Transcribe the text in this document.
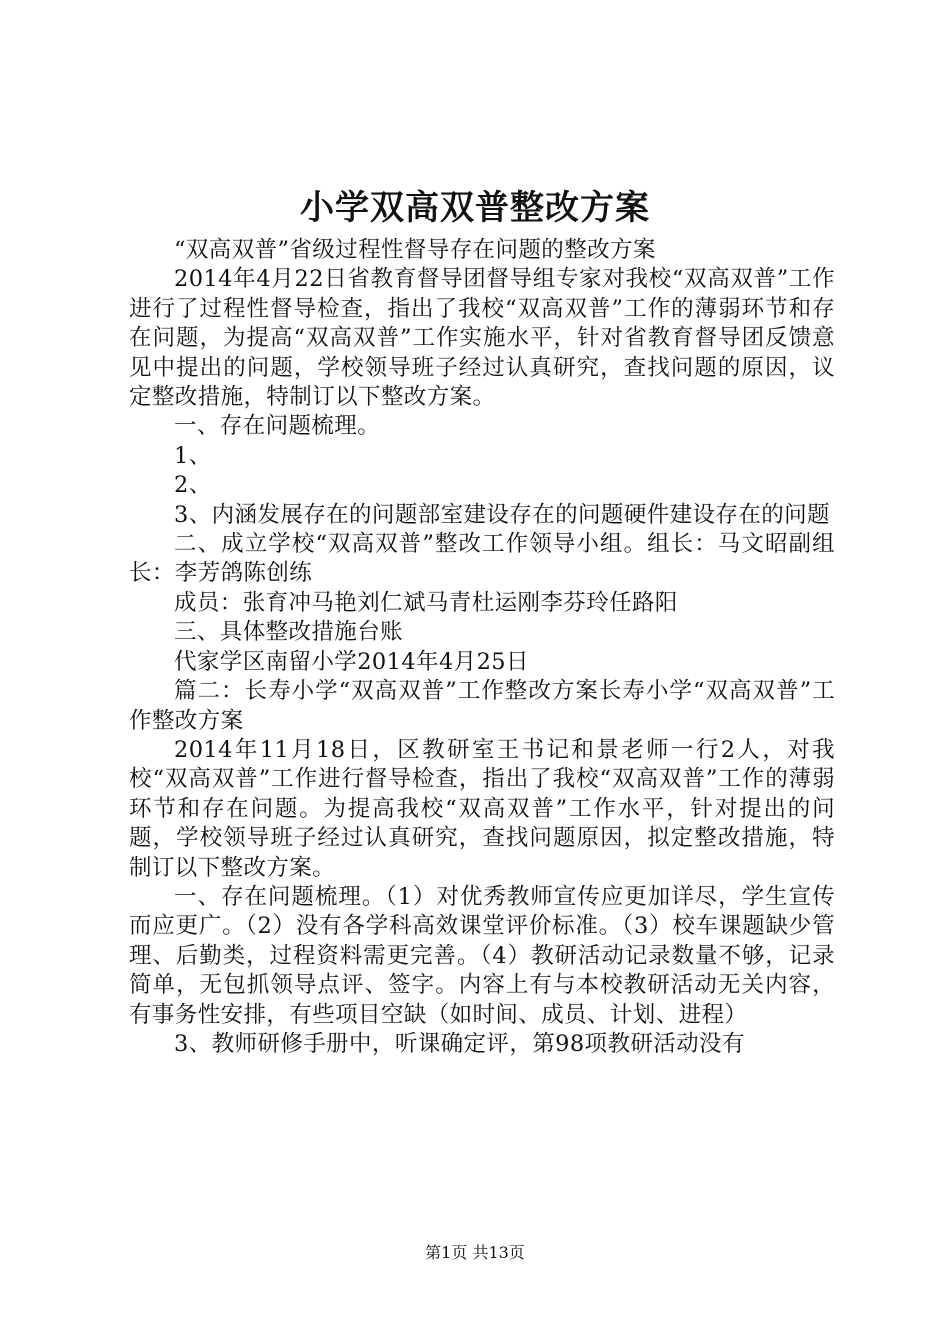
小学双高双普整改方案

“双高双普”省级过程性督导存在问题的整改方案

2014年4月22日省教育督导团督导组专家对我校“双高双普”工作进行了过程性督导检查，指出了我校“双高双普”工作的薄弱环节和存在问题，为提高“双高双普”工作实施水平，针对省教育督导团反馈意见中提出的问题，学校领导班子经过认真研究，查找问题的原因，议定整改措施，特制订以下整改方案。

一、存在问题梳理。

1、

2、

3、内涵发展存在的问题部室建设存在的问题硬件建设存在的问题

二、成立学校“双高双普”整改工作领导小组。组长：马文昭副组长：李芳鸽陈创练

成员：张育冲马艳刘仁斌马青杜运刚李芬玲任路阳

三、具体整改措施台账

代家学区南留小学2014年4月25日

篇二：长寿小学“双高双普”工作整改方案长寿小学“双高双普”工作整改方案

2014年11月18日，区教研室王书记和景老师一行2人，对我校“双高双普”工作进行督导检查，指出了我校“双高双普”工作的薄弱环节和存在问题。为提高我校“双高双普”工作水平，针对提出的问题，学校领导班子经过认真研究，查找问题原因，拟定整改措施，特制订以下整改方案。

一、存在问题梳理。（1）对优秀教师宣传应更加详尽，学生宣传而应更广。（2）没有各学科高效课堂评价标准。（3）校车课题缺少管理、后勤类，过程资料需更完善。（4）教研活动记录数量不够，记录简单，无包抓领导点评、签字。内容上有与本校教研活动无关内容，有事务性安排，有些项目空缺（如时间、成员、计划、进程）

3、教师研修手册中，听课确定评，第98项教研活动没有

第1页 共13页
